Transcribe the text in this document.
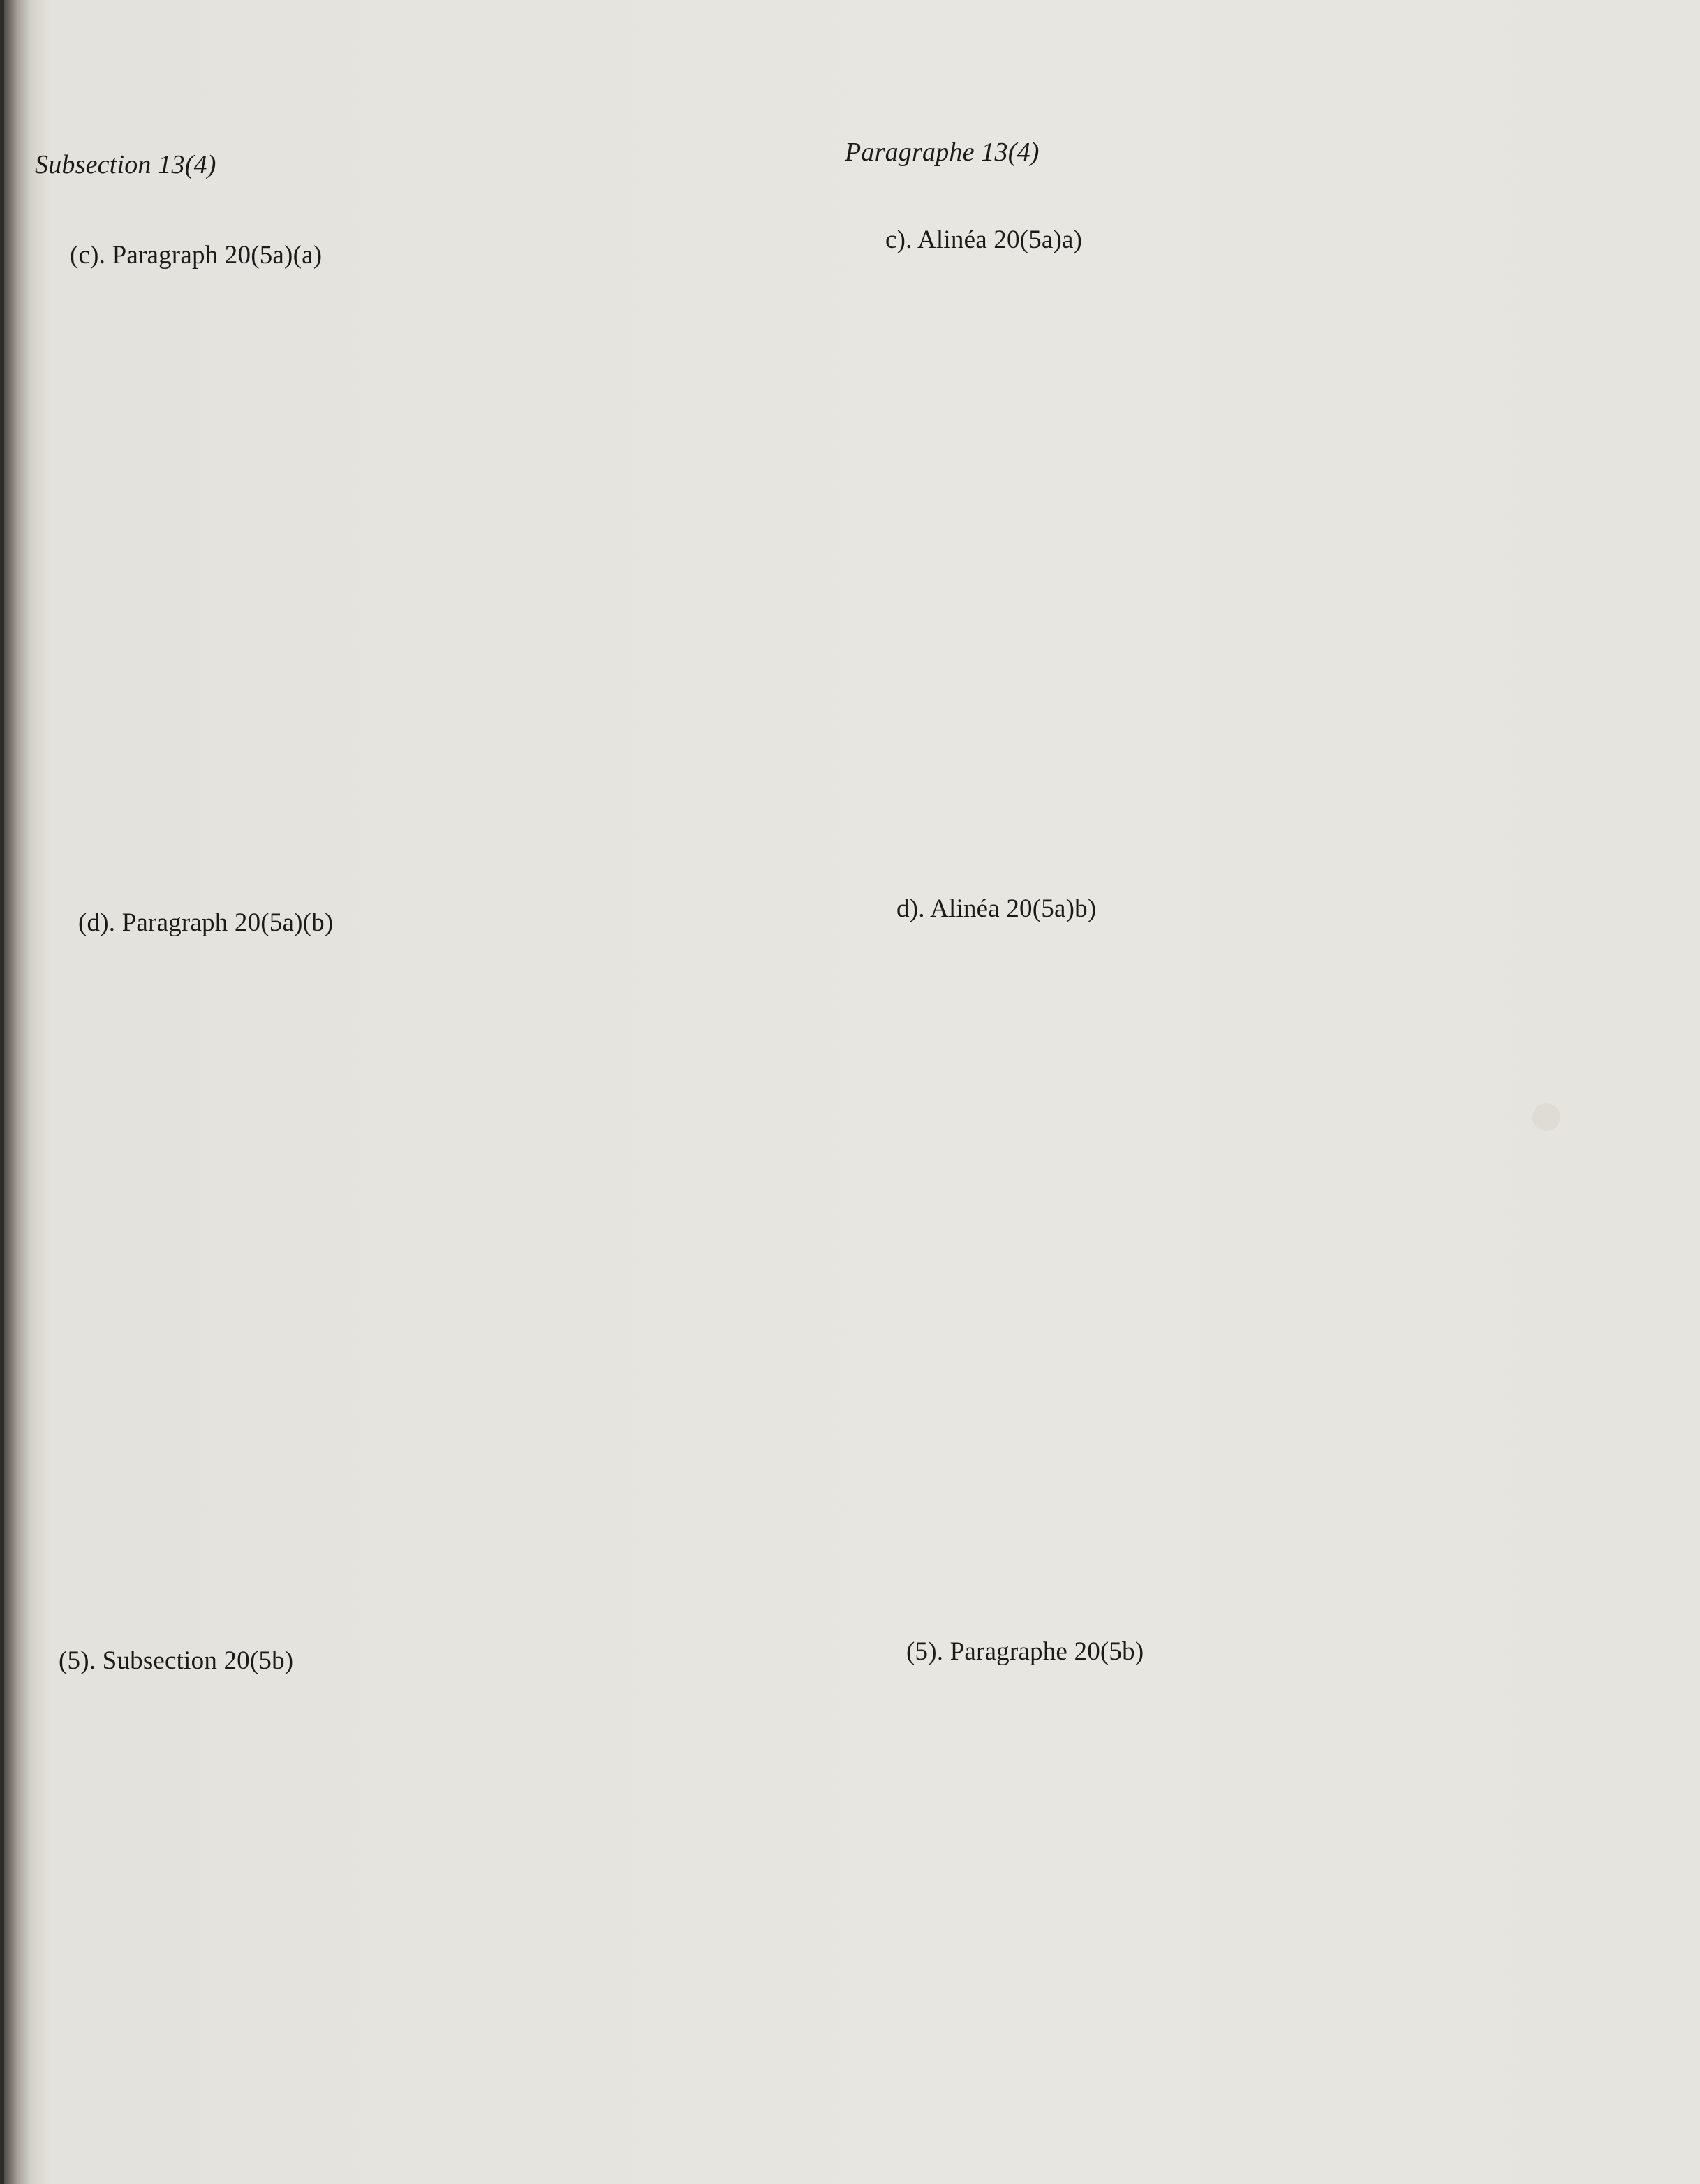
Subsection 13(4)
(c). Paragraph 20(5a)(a)
(d). Paragraph 20(5a)(b)
(5). Subsection 20(5b)
Paragraphe 13(4)
c). Alinéa 20(5a)a)
d). Alinéa 20(5a)b)
(5). Paragraphe 20(5b)
